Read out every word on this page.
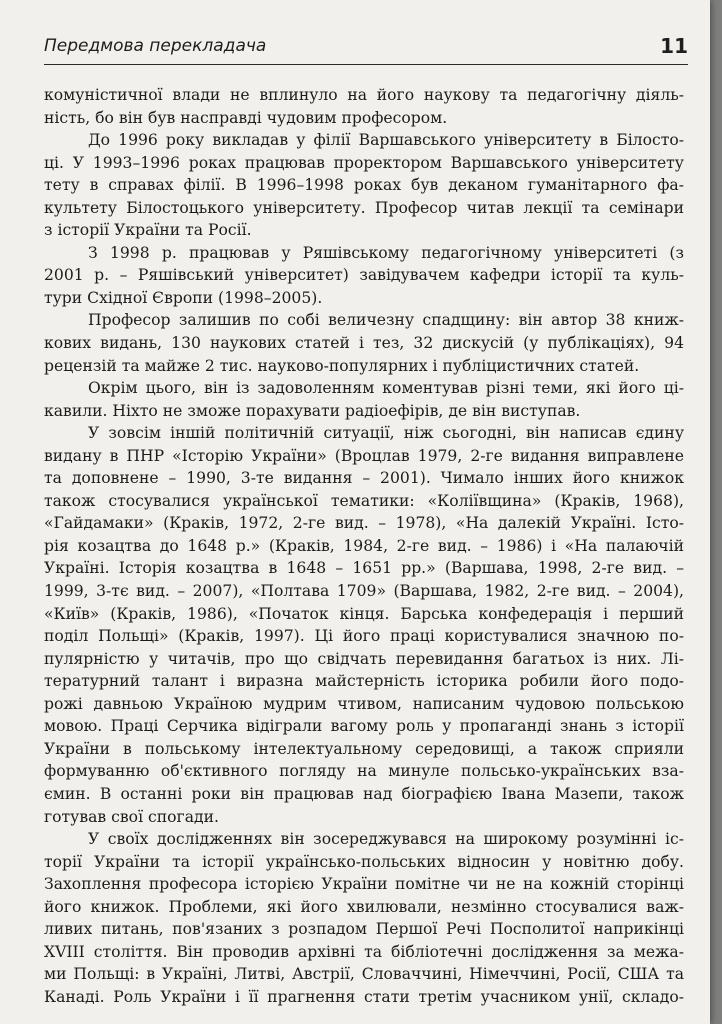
Передмова перекладача	11
комуністичної влади не вплинуло на його наукову та педагогічну діяль-
ність, бо він був насправді чудовим професором.
До 1996 року викладав у філії Варшавського університету в Білосто-
ці. У 1993–1996 роках працював проректором Варшавського університету
тету в справах філії. В 1996–1998 роках був деканом гуманітарного фа-
культету Білостоцького університету. Професор читав лекції та семінари
з історії України та Росії.
З 1998 р. працював у Ряшівському педагогічному університеті (з
2001 р. – Ряшівський університет) завідувачем кафедри історії та куль-
тури Східної Європи (1998–2005).
Професор залишив по собі величезну спадщину: він автор 38 книж-
кових видань, 130 наукових статей і тез, 32 дискусій (у публікаціях), 94
рецензій та майже 2 тис. науково-популярних і публіцистичних статей.
Окрім цього, він із задоволенням коментував різні теми, які його ці-
кавили. Ніхто не зможе порахувати радіоефірів, де він виступав.
У зовсім іншій політичній ситуації, ніж сьогодні, він написав єдину
видану в ПНР «Історію України» (Вроцлав 1979, 2-ге видання виправлене
та доповнене – 1990, 3-те видання – 2001). Чимало інших його книжок
також стосувалися української тематики: «Коліївщина» (Краків, 1968),
«Гайдамаки» (Краків, 1972, 2-ге вид. – 1978), «На далекій Україні. Істо-
рія козацтва до 1648 р.» (Краків, 1984, 2-ге вид. – 1986) і «На палаючій
Україні. Історія козацтва в 1648 – 1651 рр.» (Варшава, 1998, 2-ге вид. –
1999, 3-тє вид. – 2007), «Полтава 1709» (Варшава, 1982, 2-ге вид. – 2004),
«Київ» (Краків, 1986), «Початок кінця. Барська конфедерація і перший
поділ Польщі» (Краків, 1997). Ці його праці користувалися значною по-
пулярністю у читачів, про що свідчать перевидання багатьох із них. Лі-
тературний талант і виразна майстерність історика робили його подо-
рожі давньою Україною мудрим чтивом, написаним чудовою польською
мовою. Праці Серчика відіграли вагому роль у пропаганді знань з історії
України в польському інтелектуальному середовищі, а також сприяли
формуванню об'єктивного погляду на минуле польсько-українських вза-
ємин. В останні роки він працював над біографією Івана Мазепи, також
готував свої спогади.
У своїх дослідженнях він зосереджувався на широкому розумінні іс-
торії України та історії українсько-польських відносин у новітню добу.
Захоплення професора історією України помітне чи не на кожній сторінці
його книжок. Проблеми, які його хвилювали, незмінно стосувалися важ-
ливих питань, пов'язаних з розпадом Першої Речі Посполитої наприкінці
XVIII століття. Він проводив архівні та бібліотечні дослідження за межа-
ми Польщі: в Україні, Литві, Австрії, Словаччині, Німеччині, Росії, США та
Канаді. Роль України і її прагнення стати третім учасником унії, складо-
